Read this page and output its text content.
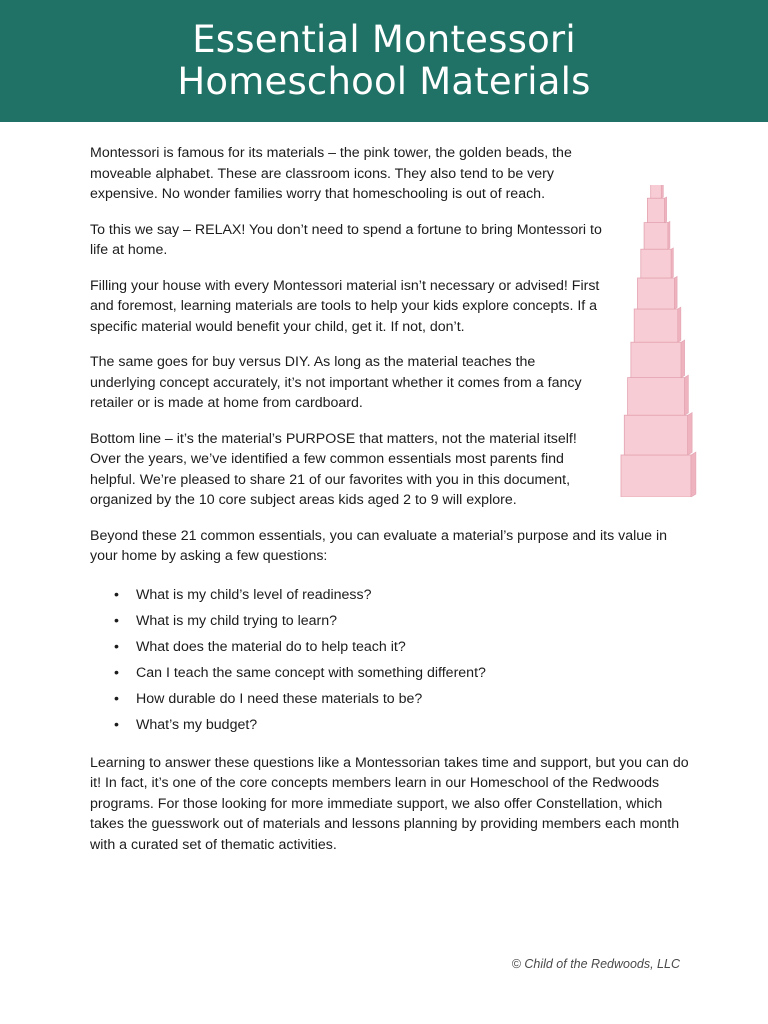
Essential Montessori
Homeschool Materials

Montessori is famous for its materials – the pink tower, the golden beads, the moveable alphabet. These are classroom icons. They also tend to be very expensive. No wonder families worry that homeschooling is out of reach.

To this we say – RELAX! You don’t need to spend a fortune to bring Montessori to life at home.

Filling your house with every Montessori material isn’t necessary or advised! First and foremost, learning materials are tools to help your kids explore concepts. If a specific material would benefit your child, get it. If not, don’t.

The same goes for buy versus DIY. As long as the material teaches the underlying concept accurately, it’s not important whether it comes from a fancy retailer or is made at home from cardboard.

Bottom line – it’s the material’s PURPOSE that matters, not the material itself! Over the years, we’ve identified a few common essentials most parents find helpful. We’re pleased to share 21 of our favorites with you in this document, organized by the 10 core subject areas kids aged 2 to 9 will explore.

Beyond these 21 common essentials, you can evaluate a material’s purpose and its value in your home by asking a few questions:

• What is my child’s level of readiness?
• What is my child trying to learn?
• What does the material do to help teach it?
• Can I teach the same concept with something different?
• How durable do I need these materials to be?
• What’s my budget?

Learning to answer these questions like a Montessorian takes time and support, but you can do it! In fact, it’s one of the core concepts members learn in our Homeschool of the Redwoods programs. For those looking for more immediate support, we also offer Constellation, which takes the guesswork out of materials and lessons planning by providing members each month with a curated set of thematic activities.

© Child of the Redwoods, LLC
